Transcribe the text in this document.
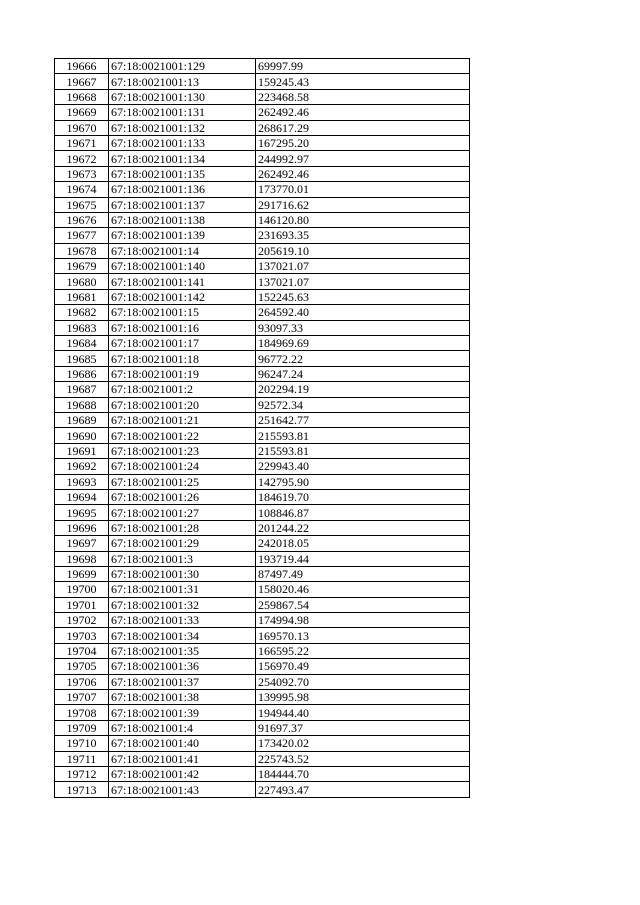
19666	67:18:0021001:129	69997.99
19667	67:18:0021001:13	159245.43
19668	67:18:0021001:130	223468.58
19669	67:18:0021001:131	262492.46
19670	67:18:0021001:132	268617.29
19671	67:18:0021001:133	167295.20
19672	67:18:0021001:134	244992.97
19673	67:18:0021001:135	262492.46
19674	67:18:0021001:136	173770.01
19675	67:18:0021001:137	291716.62
19676	67:18:0021001:138	146120.80
19677	67:18:0021001:139	231693.35
19678	67:18:0021001:14	205619.10
19679	67:18:0021001:140	137021.07
19680	67:18:0021001:141	137021.07
19681	67:18:0021001:142	152245.63
19682	67:18:0021001:15	264592.40
19683	67:18:0021001:16	93097.33
19684	67:18:0021001:17	184969.69
19685	67:18:0021001:18	96772.22
19686	67:18:0021001:19	96247.24
19687	67:18:0021001:2	202294.19
19688	67:18:0021001:20	92572.34
19689	67:18:0021001:21	251642.77
19690	67:18:0021001:22	215593.81
19691	67:18:0021001:23	215593.81
19692	67:18:0021001:24	229943.40
19693	67:18:0021001:25	142795.90
19694	67:18:0021001:26	184619.70
19695	67:18:0021001:27	108846.87
19696	67:18:0021001:28	201244.22
19697	67:18:0021001:29	242018.05
19698	67:18:0021001:3	193719.44
19699	67:18:0021001:30	87497.49
19700	67:18:0021001:31	158020.46
19701	67:18:0021001:32	259867.54
19702	67:18:0021001:33	174994.98
19703	67:18:0021001:34	169570.13
19704	67:18:0021001:35	166595.22
19705	67:18:0021001:36	156970.49
19706	67:18:0021001:37	254092.70
19707	67:18:0021001:38	139995.98
19708	67:18:0021001:39	194944.40
19709	67:18:0021001:4	91697.37
19710	67:18:0021001:40	173420.02
19711	67:18:0021001:41	225743.52
19712	67:18:0021001:42	184444.70
19713	67:18:0021001:43	227493.47
